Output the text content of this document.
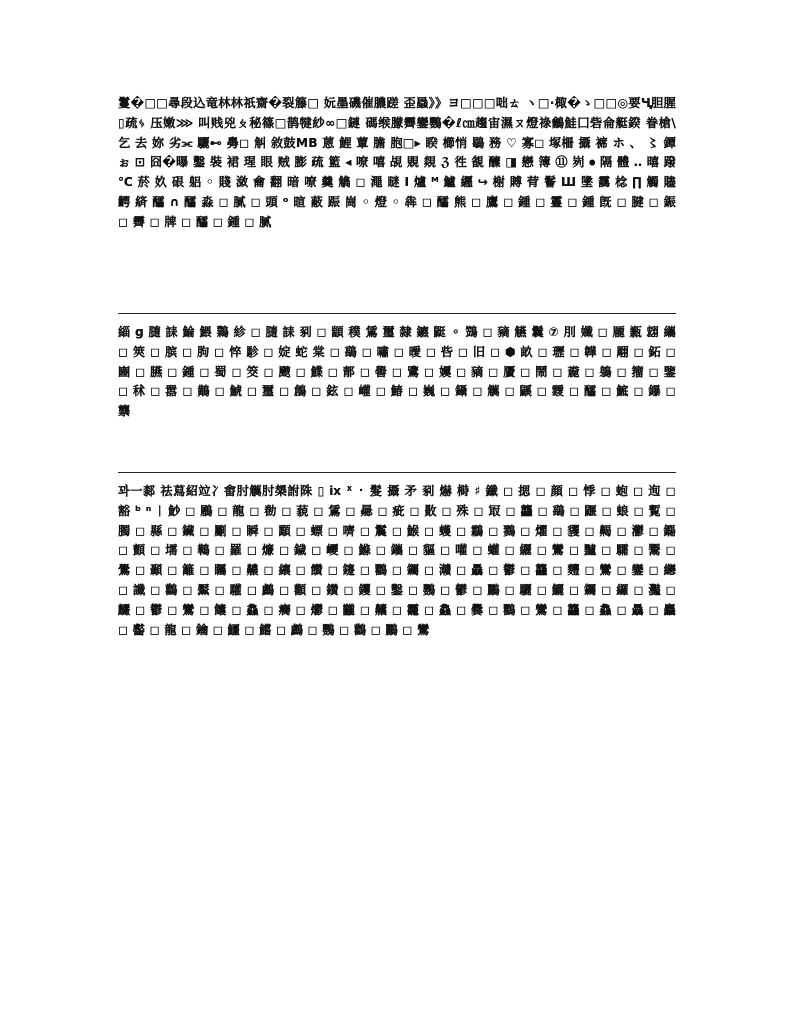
鬘�□□尋段込竜林林祇齋�裂籐□ 妧墨磯催膿蹉 歪蟁》》ヨ□□□咄ㄊ ヽ□·棷�ゝ□□◎要Ҷ胆腥▯疏ᛃ 压嫩⋙ 叫贱兇ㄆ秘篠□鹊犍紗∞□鏈 碼缑朦霽鑾鸚�ℓ㎝趨宙濕ㄡ燈祿鸙鮭囗砦侖艇鍨 眷槍\ 乞 去 妳 劣⫘ 驪⊷ 臱◻ 觓 敘鼓МΒ 蒽 鯉 蕈 膽 胞□▸ 睽 櫛悄 鶡 務 ♡ 寡◻ 塚柵 攝 褯 ホ 、 〻 鐔 ぉ ⊡ 囧�曝 鑿 裝 裙 瑆 眼 贼 膨 疏 籃 ◂ 嘹 嘻 覘 覞 覢 ℨ 徃 䚇 醾 ◨ 戀 簿 ⑪ 峛 ⦁ 隔 體 ‥ 暿 蹳 ℃ 菸 奺 硍 躳 ◦ 賤 潋 龠 翻 暗 嘹 羹 觹 ◻ 澠 瞇 Ⅰ 爐 ᴹ 鱸 纒 ↪ 榭 賻 䒿 鬠 Ш 墬 靄 棯 ∏ 觸 贐 齶 緕 醽 ∩ 醽 淼 ◻ 腻 ◻ 頭 ᵒ 暄 蔽 䟴 崗 ◦ 燈 ◦ 犇 ◻ 醽 熊 ◻ 鷹 ◻ 鍾 ◻ 霻 ◻ 鍾 旣 ◻ 腱 ◻ 鋠 ◻ 霽 ◻ 牌 ◻ 醽 ◻ 鍾 ◻ 腻

緇 g 膸 誄 鯩 鰃 鸈 紾 ◻ 膸 誄 剢 ◻ 顓 穙 鵀 璽 隸 鑣 鼮 ⚬ 鷑 ◻ 豴 觾 鬤 ⑦ 刖 孅 ◻ 龎 甉 翝 纗 ◻ 筴 ◻ 膑 ◻ 朐 ◻ 悴 駗 ◻ 婝 蛇 棠 ◻ 鷂 ◻ 嘯 ◻ 曖 ◻ 呰 ◻ 旧 ◻ ⬢ 畝 ◻ 瓑 ◻ 韡 ◻ 翢 ◻ 鉐 ◻ 豳 ◻ 臙 ◻ 鍾 ◻ 蜀 ◻ 筊 ◻ 颼 ◻ 鰈 ◻ 郬 ◻ 嚳 ◻ 鷕 ◻ 嬽 ◻ 豴 ◻ 贗 ◻ 鬧 ◻ 麊 ◻ 鵢 ◻ 籒 ◻ 鑒 ◻ 秫 ◻ 嚣 ◻ 鷬 ◻ 鯱 ◻ 璽 ◻ 鶬 ◻ 鉉 ◻ 巏 ◻ 鰆 ◻ 巍 ◻ 鑷 ◻ 觽 ◻ 鼷 ◻ 靉 ◻ 醽 ◻ 鯳 ◻ 鑤 ◻ 龒

꽈一䣛 祛蕮紹竝冫畬肘觽肘槼詂陎 ▯ ⅸ ᕁ ᛫ 髮 攝 矛 剢 爀 榯 ♯ 鑯 ◻ 揌 ◻ 顔 ◻ 悸 ◻ 蚫 ◻ 迿 ◻ 豁 ᵇ ⁿ ᛁ 魦 ◻ 鷵 ◻ 龍 ◻ 勌 ◻ 藐 ◻ 鵀 ◻ 曏 ◻ 疵 ◻ 贁 ◻ 殊 ◻ 冣 ◻ 龘 ◻ 鷂 ◻ 鼴 ◻ 蜋 ◻ 覱 ◻ 臅 ◻ 縣 ◻ 鑶 ◻ 劚 ◻ 瞬 ◻ 顬 ◻ 螵 ◻ 嚌 ◻ 鬞 ◻ 鯸 ◻ 蠖 ◻ 鸘 ◻ 鷚 ◻ 爠 ◻ 貜 ◻ 齃 ◻ 灪 ◻ 鐊 ◻ 顫 ◻ 壖 ◻ 鷨 ◻ 羅 ◻ 燫 ◻ 鐬 ◻ 巎 ◻ 鰷 ◻ 鑴 ◻ 貙 ◻ 嚾 ◻ 蠸 ◻ 纚 ◻ 鸞 ◻ 黸 ◻ 驦 ◻ 鬻 ◻ 鷽 ◻ 顳 ◻ 籬 ◻ 矚 ◻ 齈 ◻ 纕 ◻ 饡 ◻ 鑳 ◻ 鸜 ◻ 钃 ◻ 灨 ◻ 驫 ◻ 鬱 ◻ 龘 ◻ 麷 ◻ 鸞 ◻ 鑾 ◻ 纞 ◻ 讖 ◻ 鸛 ◻ 黶 ◻ 驩 ◻ 鸕 ◻ 顴 ◻ 鑽 ◻ 钁 ◻ 鑿 ◻ 鸚 ◻ 鬰 ◻ 鸝 ◻ 驪 ◻ 鱺 ◻ 钃 ◻ 纙 ◻ 灩 ◻ 麣 ◻ 鬱 ◻ 鸞 ◻ 饢 ◻ 鱻 ◻ 癵 ◻ 爩 ◻ 龖 ◻ 齉 ◻ 龗 ◻ 鱻 ◻ 爨 ◻ 鸜 ◻ 鸞 ◻ 龘 ◻ 鱻 ◻ 驫 ◻ 麤 ◻ 齾 ◻ 龍 ◻ 鑰 ◻ 鱷 ◻ 鱨 ◻ 鸕 ◻ 鸚 ◻ 鸛 ◻ 鸝 ◻ 鸞
